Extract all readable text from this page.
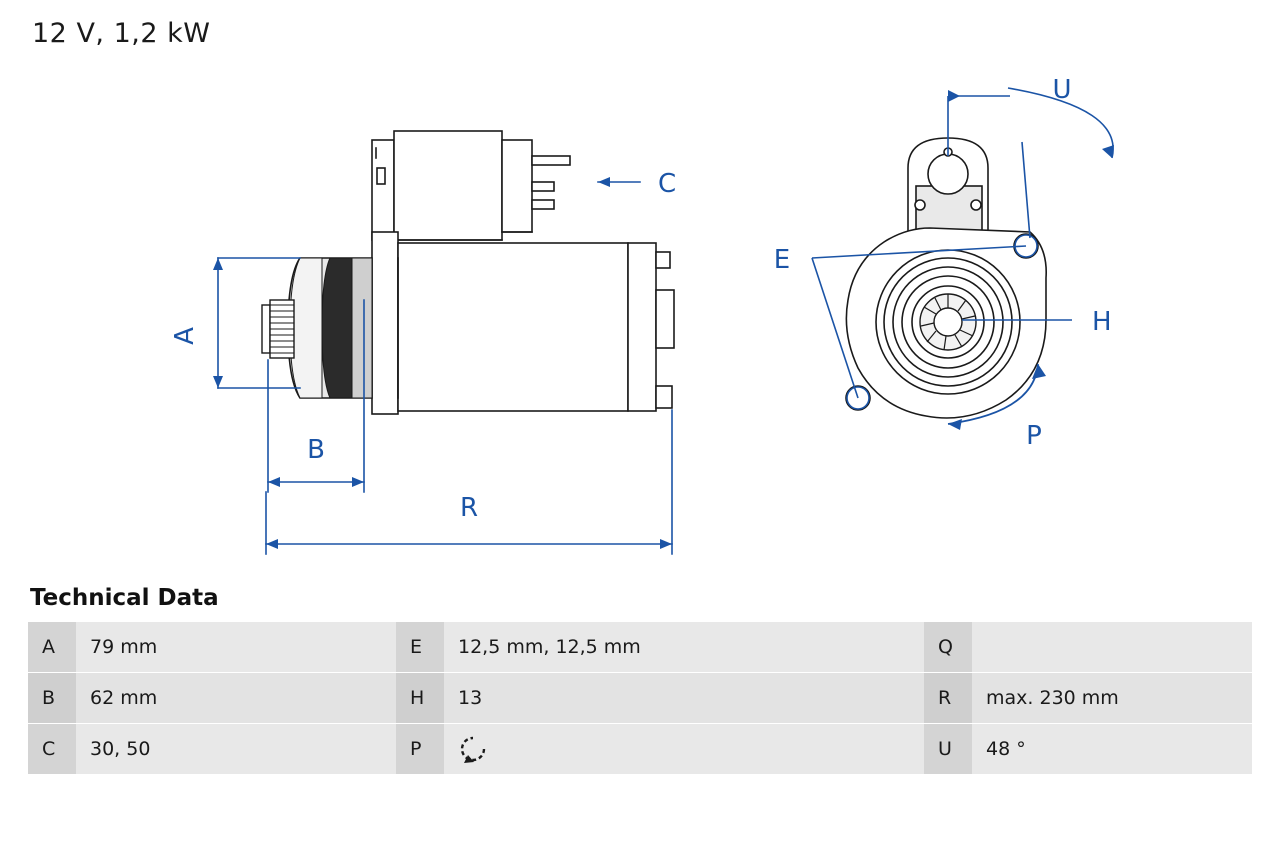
12 V, 1,2 kW
A
B
R
C
E
H
P
U
Technical Data
A	79 mm	E	12,5 mm, 12,5 mm	Q	
B	62 mm	H	13	R	max. 230 mm
C	30, 50	P		U	48 °
